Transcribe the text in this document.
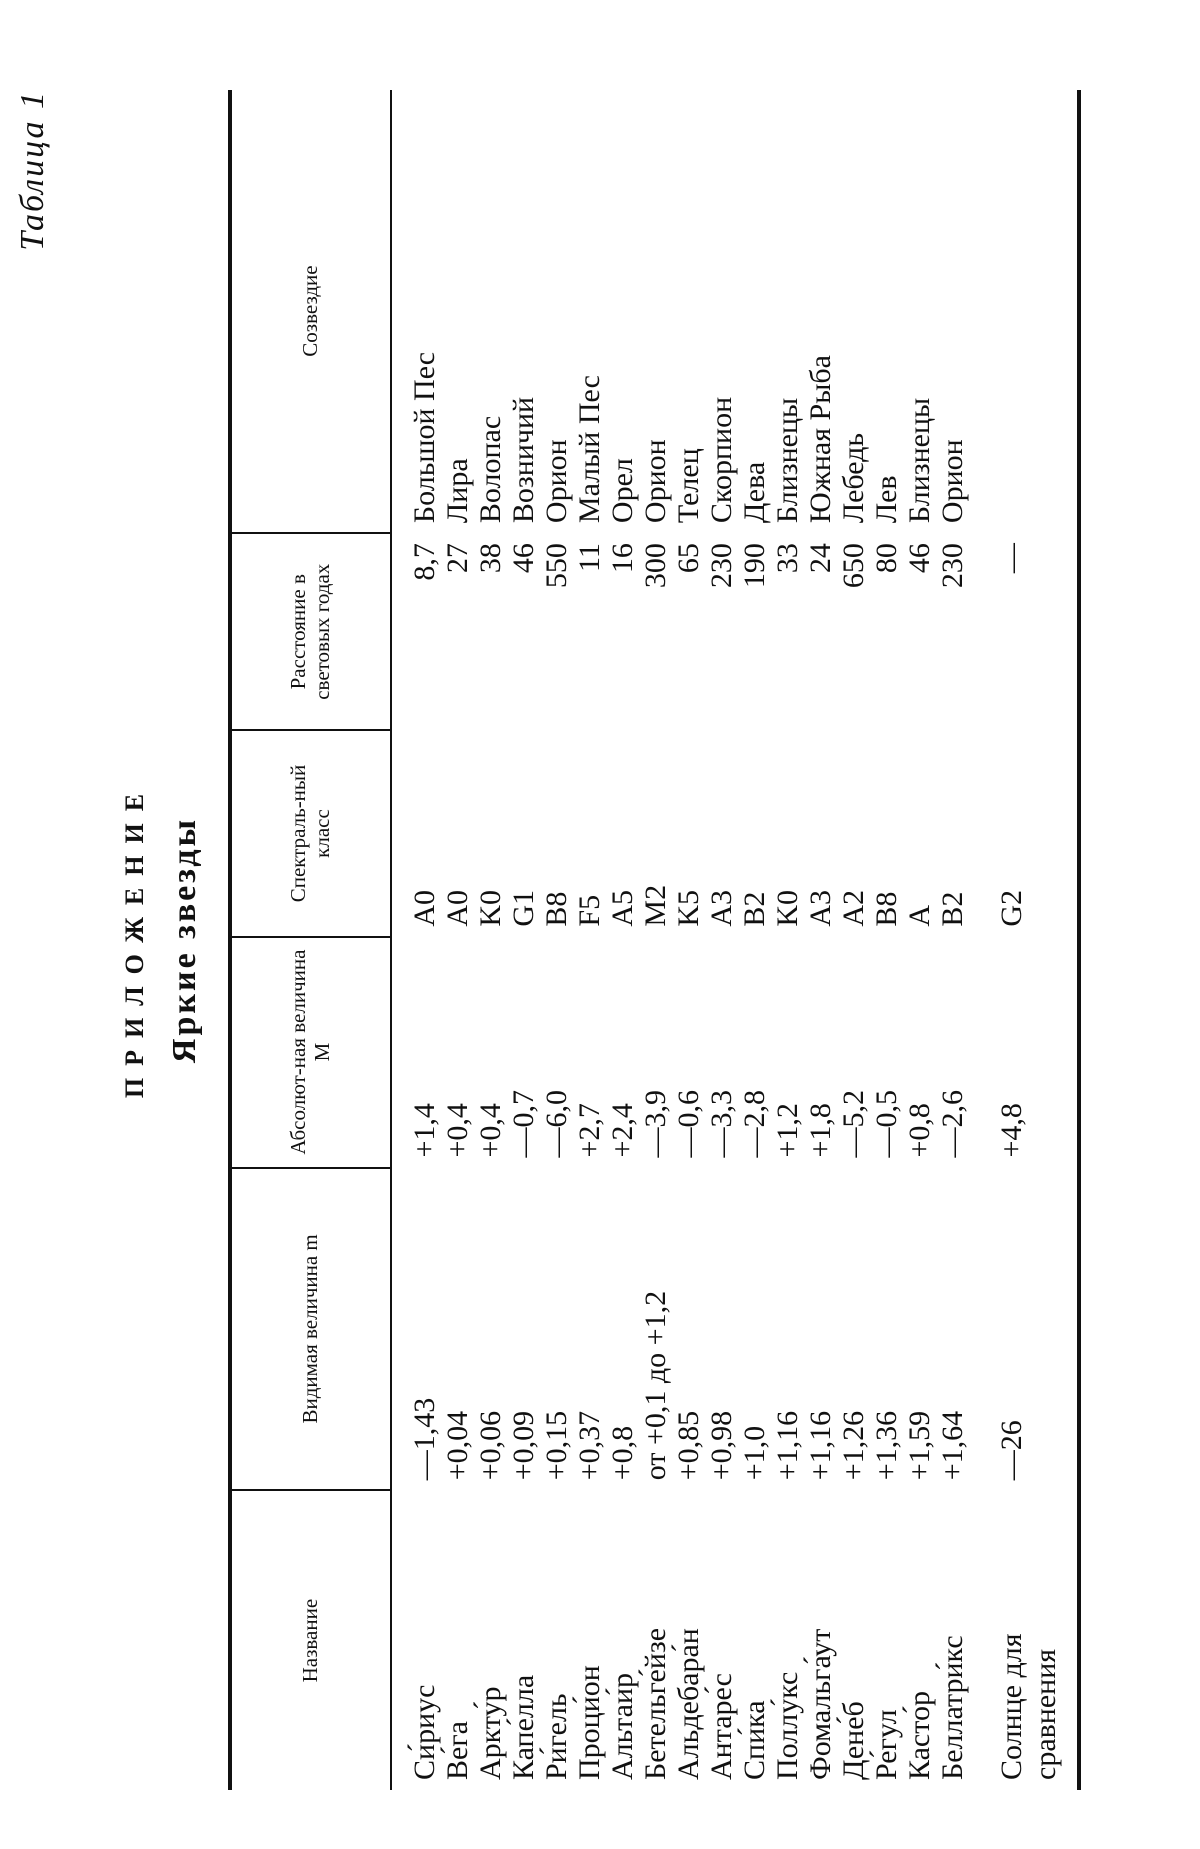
Таблица 1
ПРИЛОЖЕНИЕ Яркие звезды
Название	Видимая величина m	Абсолют-ная величина M	Спектраль-ный класс	Расстояние в световых годах	Созвездие
Си́риус	—1,43	+1,4	A0	8,7	Большой Пес
Ве́га	+0,04	+0,4	A0	27	Лира
Аркту́р	+0,06	+0,4	K0	38	Волопас
Капе́лла	+0,09	—0,7	G1	46	Возничий
Ри́гель	+0,15	—6,0	B8	550	Орион
Проци́он	+0,37	+2,7	F5	11	Малый Пес
Альтаи́р	+0,8	+2,4	A5	16	Орел
Бетельге́йзе	от +0,1 до +1,2	—3,9	M2	300	Орион
Альдебара́н	+0,85	—0,6	K5	65	Телец
Антаре́с	+0,98	—3,3	A3	230	Скорпион
Спи́ка	+1,0	—2,8	B2	190	Дева
Поллу́кс	+1,16	+1,2	K0	33	Близнецы
Фомальга́ут	+1,16	+1,8	A3	24	Южная Рыба
Дене́б	+1,26	—5,2	A2	650	Лебедь
Ре́гул	+1,36	—0,5	B8	80	Лев
Касто́р	+1,59	+0,8	A	46	Близнецы
Беллатри́кс	+1,64	—2,6	B2	230	Орион
Солнце для сравнения	—26	+4,8	G2	—	
